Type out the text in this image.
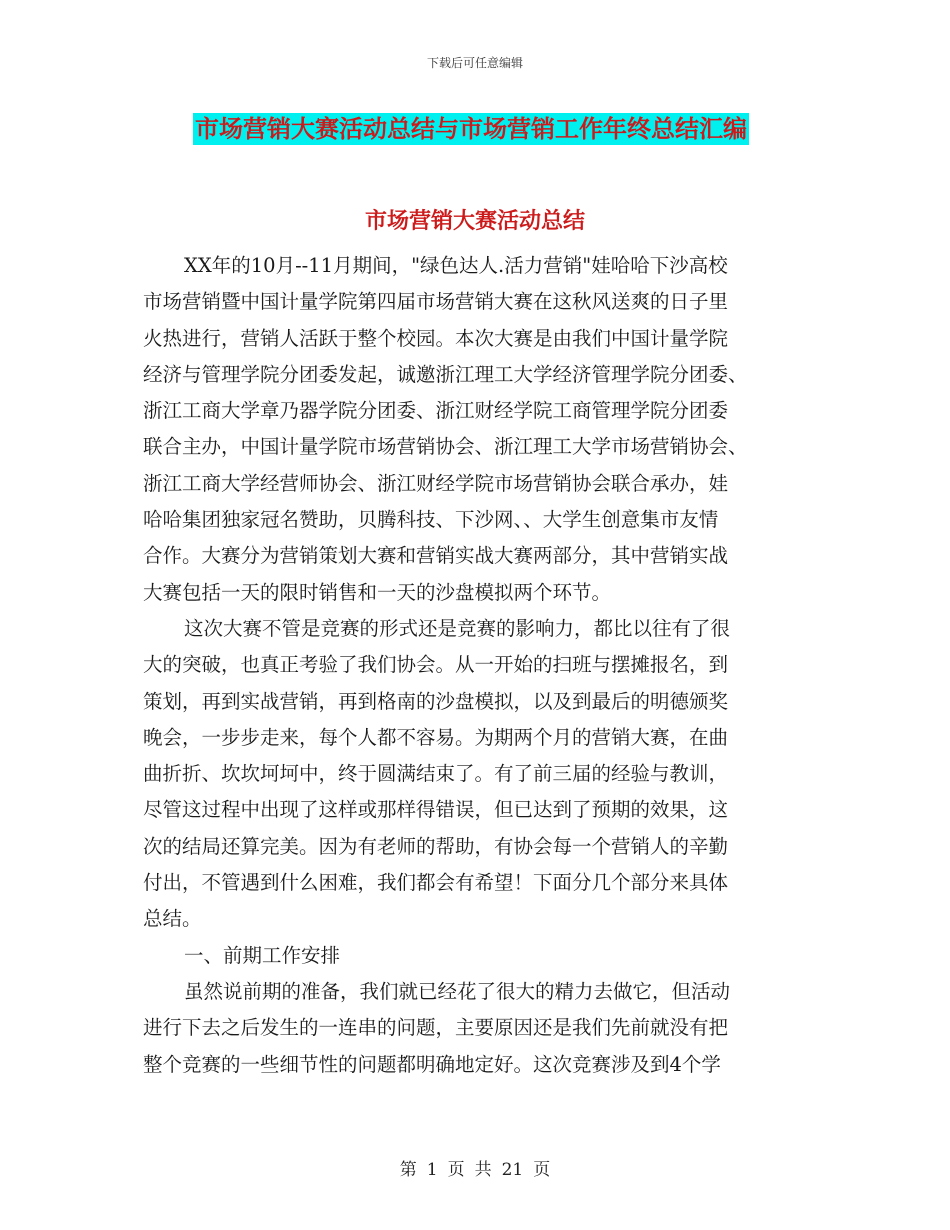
下载后可任意编辑
市场营销大赛活动总结与市场营销工作年终总结汇编
市场营销大赛活动总结
XX年的10月--11月期间，"绿色达人.活力营销"娃哈哈下沙高校
市场营销暨中国计量学院第四届市场营销大赛在这秋风送爽的日子里
火热进行，营销人活跃于整个校园。本次大赛是由我们中国计量学院
经济与管理学院分团委发起，诚邀浙江理工大学经济管理学院分团委、
浙江工商大学章乃器学院分团委、浙江财经学院工商管理学院分团委
联合主办，中国计量学院市场营销协会、浙江理工大学市场营销协会、
浙江工商大学经营师协会、浙江财经学院市场营销协会联合承办，娃
哈哈集团独家冠名赞助，贝腾科技、下沙网、、大学生创意集市友情
合作。大赛分为营销策划大赛和营销实战大赛两部分，其中营销实战
大赛包括一天的限时销售和一天的沙盘模拟两个环节。
这次大赛不管是竞赛的形式还是竞赛的影响力，都比以往有了很
大的突破，也真正考验了我们协会。从一开始的扫班与摆摊报名，到
策划，再到实战营销，再到格南的沙盘模拟，以及到最后的明德颁奖
晚会，一步步走来，每个人都不容易。为期两个月的营销大赛，在曲
曲折折、坎坎坷坷中，终于圆满结束了。有了前三届的经验与教训，
尽管这过程中出现了这样或那样得错误，但已达到了预期的效果，这
次的结局还算完美。因为有老师的帮助，有协会每一个营销人的辛勤
付出，不管遇到什么困难，我们都会有希望！下面分几个部分来具体
总结。
一、前期工作安排
虽然说前期的准备，我们就已经花了很大的精力去做它，但活动
进行下去之后发生的一连串的问题，主要原因还是我们先前就没有把
整个竞赛的一些细节性的问题都明确地定好。这次竞赛涉及到4个学
第 1 页 共 21 页
